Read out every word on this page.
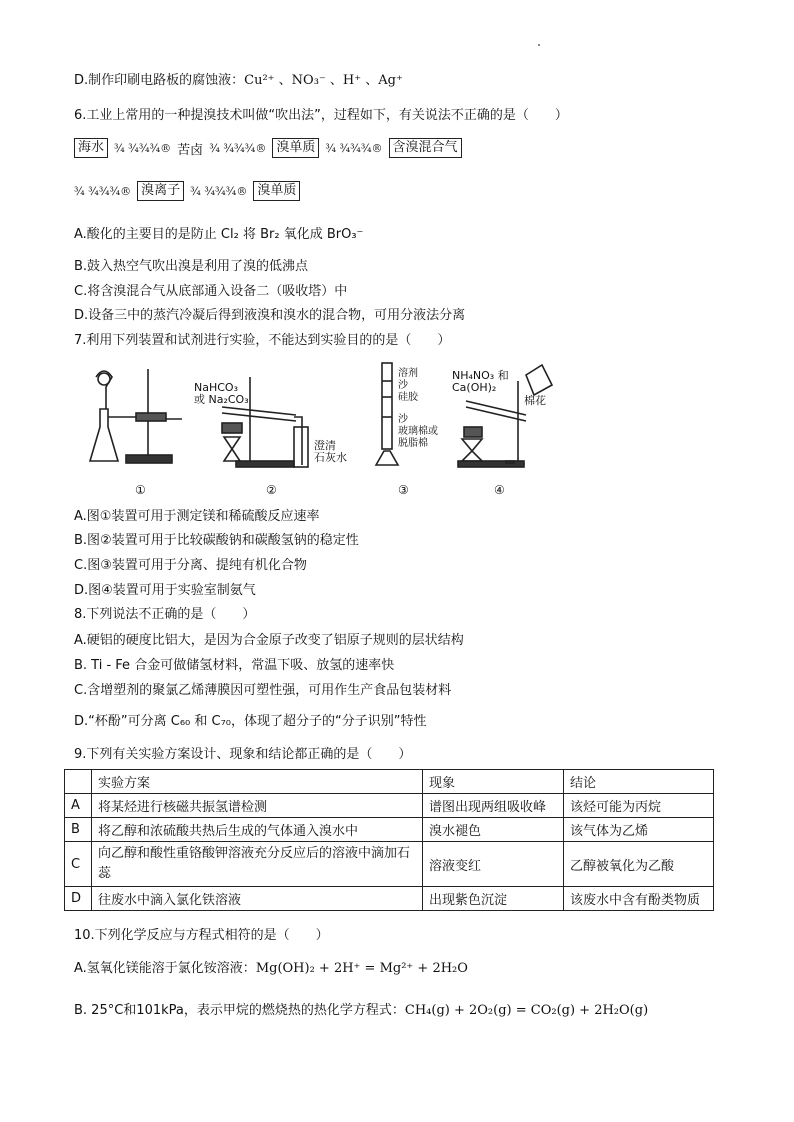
D.制作印刷电路板的腐蚀液：Cu²⁺ 、NO₃⁻ 、H⁺ 、Ag⁺
6.工业上常用的一种提溴技术叫做“吹出法”，过程如下，有关说法不正确的是（　　）
海水 ¾ ¾¾¾® 苦卤 ¾ ¾¾¾® 溴单质 ¾ ¾¾¾® 含溴混合气
¾ ¾¾¾® 溴离子 ¾ ¾¾¾® 溴单质
A.酸化的主要目的是防止 Cl₂ 将 Br₂ 氧化成 BrO₃⁻
B.鼓入热空气吹出溴是利用了溴的低沸点
C.将含溴混合气从底部通入设备二（吸收塔）中
D.设备三中的蒸汽冷凝后得到液溴和溴水的混合物，可用分液法分离
7.利用下列装置和试剂进行实验，不能达到实验目的的是（　　）
NaHCO₃
或 Na₂CO₃
澄清
石灰水
溶剂
沙
硅胶
沙
玻璃棉或
脱脂棉
NH₄NO₃ 和
Ca(OH)₂
棉花
①	②	③	④
A.图①装置可用于测定镁和稀硫酸反应速率
B.图②装置可用于比较碳酸钠和碳酸氢钠的稳定性
C.图③装置可用于分离、提纯有机化合物
D.图④装置可用于实验室制氨气
8.下列说法不正确的是（　　）
A.硬铝的硬度比铝大，是因为合金原子改变了铝原子规则的层状结构
B. Ti - Fe 合金可做储氢材料，常温下吸、放氢的速率快
C.含增塑剂的聚氯乙烯薄膜因可塑性强，可用作生产食品包装材料
D.“杯酚”可分离 C₆₀ 和 C₇₀，体现了超分子的“分子识别”特性
9.下列有关实验方案设计、现象和结论都正确的是（　　）
	实验方案	现象	结论
A	将某烃进行核磁共振氢谱检测	谱图出现两组吸收峰	该烃可能为丙烷
B	将乙醇和浓硫酸共热后生成的气体通入溴水中	溴水褪色	该气体为乙烯
C	向乙醇和酸性重铬酸钾溶液充分反应后的溶液中滴加石蕊	溶液变红	乙醇被氧化为乙酸
D	往废水中滴入氯化铁溶液	出现紫色沉淀	该废水中含有酚类物质
10.下列化学反应与方程式相符的是（　　）
A.氢氧化镁能溶于氯化铵溶液：Mg(OH)₂ + 2H⁺ = Mg²⁺ + 2H₂O
B. 25°C和101kPa，表示甲烷的燃烧热的热化学方程式：CH₄(g) + 2O₂(g) = CO₂(g) + 2H₂O(g)
